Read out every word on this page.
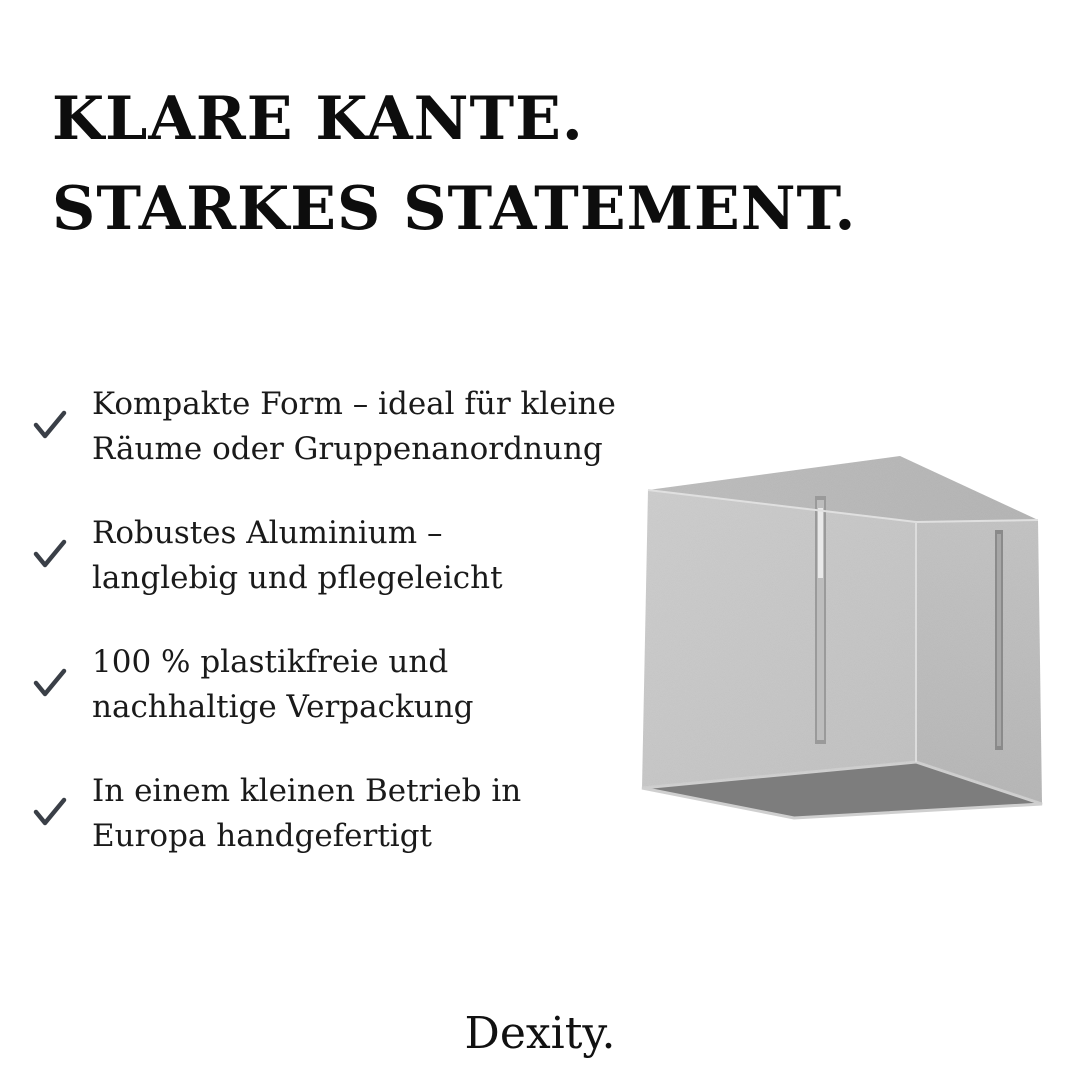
KLARE KANTE.
STARKES STATEMENT.
Kompakte Form – ideal für kleine
Räume oder Gruppenanordnung
Robustes Aluminium –
langlebig und pflegeleicht
100 % plastikfreie und
nachhaltige Verpackung
In einem kleinen Betrieb in
Europa handgefertigt
Dexity.
